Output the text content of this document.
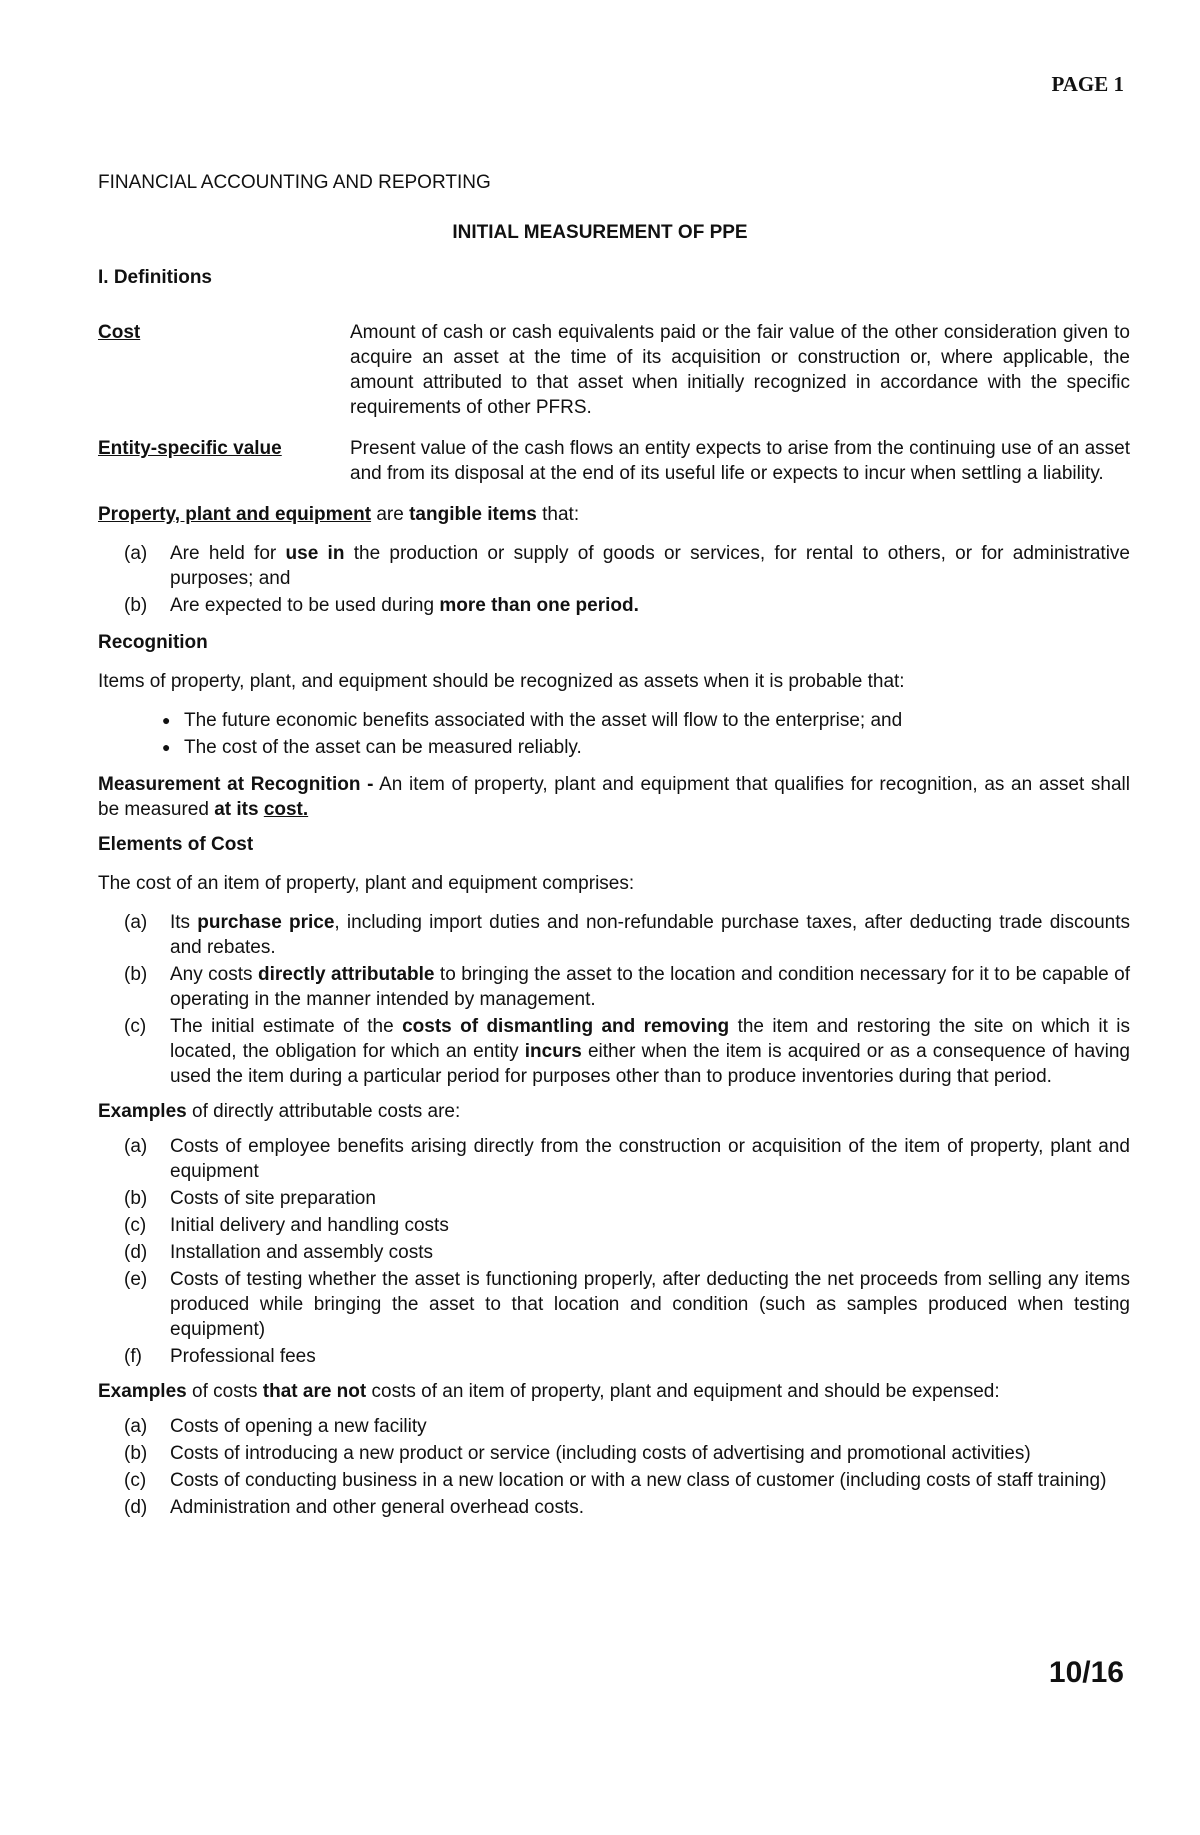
PAGE 1
FINANCIAL ACCOUNTING AND REPORTING
INITIAL MEASUREMENT OF PPE
I. Definitions
Cost	Amount of cash or cash equivalents paid or the fair value of the other consideration given to acquire an asset at the time of its acquisition or construction or, where applicable, the amount attributed to that asset when initially recognized in accordance with the specific requirements of other PFRS.
Entity-specific value	Present value of the cash flows an entity expects to arise from the continuing use of an asset and from its disposal at the end of its useful life or expects to incur when settling a liability.

Property, plant and equipment are tangible items that:

(a)	Are held for use in the production or supply of goods or services, for rental to others, or for administrative purposes; and
(b)	Are expected to be used during more than one period.
Recognition

Items of property, plant, and equipment should be recognized as assets when it is probable that:

● The future economic benefits associated with the asset will flow to the enterprise; and
● The cost of the asset can be measured reliably.

Measurement at Recognition - An item of property, plant and equipment that qualifies for recognition, as an asset shall be measured at its cost.

Elements of Cost

The cost of an item of property, plant and equipment comprises:

(a)	Its purchase price, including import duties and non-refundable purchase taxes, after deducting trade discounts and rebates.
(b)	Any costs directly attributable to bringing the asset to the location and condition necessary for it to be capable of operating in the manner intended by management.
(c)	The initial estimate of the costs of dismantling and removing the item and restoring the site on which it is located, the obligation for which an entity incurs either when the item is acquired or as a consequence of having used the item during a particular period for purposes other than to produce inventories during that period.

Examples of directly attributable costs are:

(a)	Costs of employee benefits arising directly from the construction or acquisition of the item of property, plant and equipment
(b)	Costs of site preparation
(c)	Initial delivery and handling costs
(d)	Installation and assembly costs
(e)	Costs of testing whether the asset is functioning properly, after deducting the net proceeds from selling any items produced while bringing the asset to that location and condition (such as samples produced when testing equipment)
(f)	Professional fees

Examples of costs that are not costs of an item of property, plant and equipment and should be expensed:

(a)	Costs of opening a new facility
(b)	Costs of introducing a new product or service (including costs of advertising and promotional activities)
(c)	Costs of conducting business in a new location or with a new class of customer (including costs of staff training)
(d)	Administration and other general overhead costs.
10/16
